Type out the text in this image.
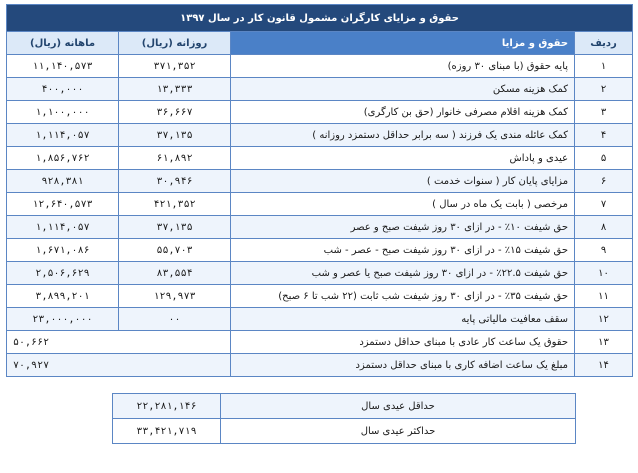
حقوق و مزایای کارگران مشمول قانون کار در سال ۱۳۹۷			
ردیف	حقوق و مزایا	روزانه (ریال)	ماهانه (ریال)
۱	پایه حقوق (با مبنای ۳۰ روزه)	۳۷۱,۳۵۲	۱۱,۱۴۰,۵۷۳
۲	کمک هزینه مسکن	۱۳,۳۳۳	۴۰۰,۰۰۰
۳	کمک هزینه اقلام مصرفی خانوار (حق بن کارگری)	۳۶,۶۶۷	۱,۱۰۰,۰۰۰
۴	کمک عائله مندی یک فرزند ( سه برابر حداقل دستمزد روزانه )	۳۷,۱۳۵	۱,۱۱۴,۰۵۷
۵	عیدی و پاداش	۶۱,۸۹۲	۱,۸۵۶,۷۶۲
۶	مزایای پایان کار ( سنوات خدمت )	۳۰,۹۴۶	۹۲۸,۳۸۱
۷	مرخصی ( بابت یک ماه در سال )	۴۲۱,۳۵۲	۱۲,۶۴۰,۵۷۳
۸	حق شیفت ۱۰٪ - در ازای ۳۰ روز شیفت صبح و عصر	۳۷,۱۳۵	۱,۱۱۴,۰۵۷
۹	حق شیفت ۱۵٪ - در ازای ۳۰ روز شیفت صبح - عصر - شب	۵۵,۷۰۳	۱,۶۷۱,۰۸۶
۱۰	حق شیفت ۲۲.۵٪ - در ازای ۳۰ روز شیفت صبح یا عصر و شب	۸۳,۵۵۴	۲,۵۰۶,۶۲۹
۱۱	حق شیفت ۳۵٪ - در ازای ۳۰ روز شیفت شب ثابت (۲۲ شب تا ۶ صبح)	۱۲۹,۹۷۳	۳,۸۹۹,۲۰۱
۱۲	سقف معافیت مالیاتی پایه	۰۰	۲۳,۰۰۰,۰۰۰
۱۳	حقوق یک ساعت کار عادی با مبنای حداقل دستمزد	۵۰,۶۶۲	
۱۴	مبلغ یک ساعت اضافه کاری با مبنای حداقل دستمزد	۷۰,۹۲۷	
حداقل عیدی سال	۲۲,۲۸۱,۱۴۶
حداکثر عیدی سال	۳۳,۴۲۱,۷۱۹
